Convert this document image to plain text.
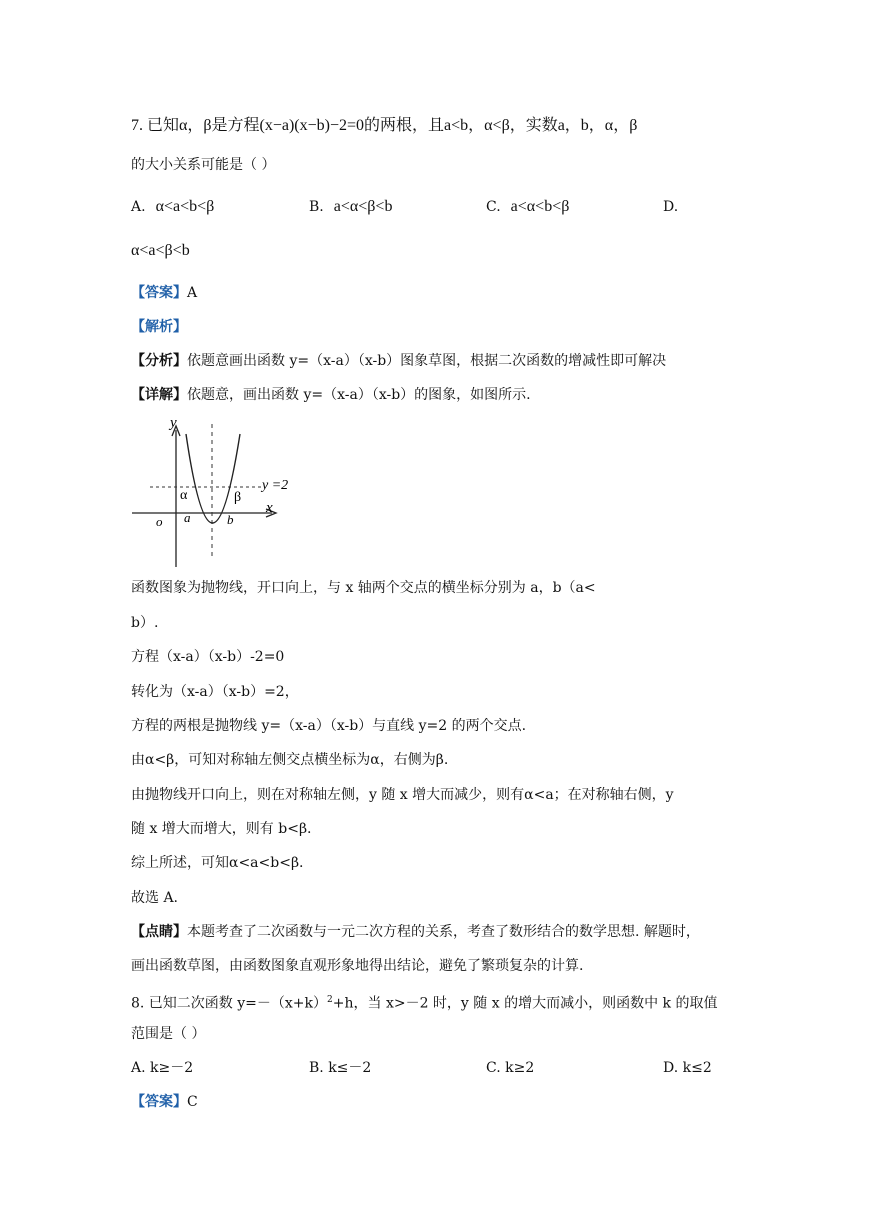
7. 已知α，β是方程(x−a)(x−b)−2=0的两根，且a<b，α<β，实数a，b，α，β
的大小关系可能是（ ）
A. α<a<b<β	B. a<α<β<b	C. a<α<b<β	D.
α<a<β<b
【答案】A
【解析】
【分析】依题意画出函数 y=（x-a）（x-b）图象草图，根据二次函数的增减性即可解决
【详解】依题意，画出函数 y=（x-a）（x-b）的图象，如图所示.
y
x
y =2
o
α	β
a	b
函数图象为抛物线，开口向上，与 x 轴两个交点的横坐标分别为 a，b（a<
b）.
方程（x-a）（x-b）-2=0
转化为（x-a）（x-b）=2，
方程的两根是抛物线 y=（x-a）（x-b）与直线 y=2 的两个交点.
由α<β，可知对称轴左侧交点横坐标为α，右侧为β.
由抛物线开口向上，则在对称轴左侧，y 随 x 增大而减少，则有α<a；在对称轴右侧，y
随 x 增大而增大，则有 b<β.
综上所述，可知α<a<b<β.
故选 A.
【点睛】本题考查了二次函数与一元二次方程的关系，考查了数形结合的数学思想. 解题时，
画出函数草图，由函数图象直观形象地得出结论，避免了繁琐复杂的计算.
8. 已知二次函数 $y=-(x+k)^2+h$，当 x>－2 时，y 随 x 的增大而减小，则函数中 k 的取值
范围是（ ）
A. k≥－2	B. k≤－2	C. k≥2	D. k≤2
【答案】C
